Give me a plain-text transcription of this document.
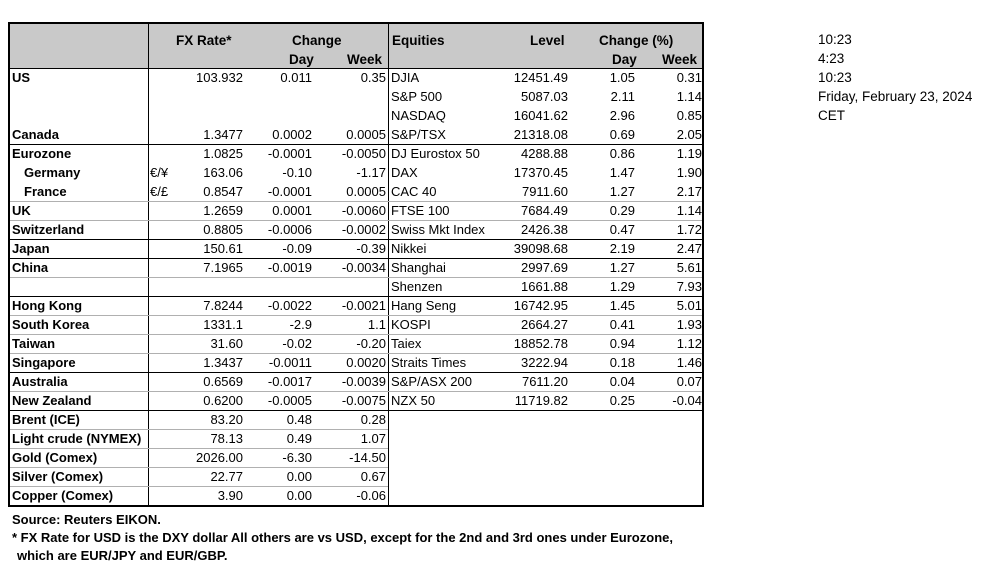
FX Rate*	Change
Day Week
Equities	Level	Change (%)
Day Week
US	103.932	0.011	0.35
Canada	1.3477	0.0002	0.0005
Eurozone	1.0825	-0.0001	-0.0050
Germany	€/¥	163.06	-0.10	-1.17
France	€/£	0.8547	-0.0001	0.0005
UK	1.2659	0.0001	-0.0060
Switzerland	0.8805	-0.0006	-0.0002
Japan	150.61	-0.09	-0.39
China	7.1965	-0.0019	-0.0034
Hong Kong	7.8244	-0.0022	-0.0021
South Korea	1331.1	-2.9	1.1
Taiwan	31.60	-0.02	-0.20
Singapore	1.3437	-0.0011	0.0020
Australia	0.6569	-0.0017	-0.0039
New Zealand	0.6200	-0.0005	-0.0075
Brent (ICE)	83.20	0.48	0.28
Light crude (NYMEX)	78.13	0.49	1.07
Gold (Comex)	2026.00	-6.30	-14.50
Silver (Comex)	22.77	0.00	0.67
Copper (Comex)	3.90	0.00	-0.06
DJIA	12451.49	1.05	0.31
S&P 500	5087.03	2.11	1.14
NASDAQ	16041.62	2.96	0.85
S&P/TSX	21318.08	0.69	2.05
DJ Eurostox 50	4288.88	0.86	1.19
DAX	17370.45	1.47	1.90
CAC 40	7911.60	1.27	2.17
FTSE 100	7684.49	0.29	1.14
Swiss Mkt Index	2426.38	0.47	1.72
Nikkei	39098.68	2.19	2.47
Shanghai	2997.69	1.27	5.61
Shenzen	1661.88	1.29	7.93
Hang Seng	16742.95	1.45	5.01
KOSPI	2664.27	0.41	1.93
Taiex	18852.78	0.94	1.12
Straits Times	3222.94	0.18	1.46
S&P/ASX 200	7611.20	0.04	0.07
NZX 50	11719.82	0.25	-0.04
10:23
4:23
10:23
Friday, February 23, 2024
CET
Source: Reuters EIKON.
* FX Rate for USD is the DXY dollar All others are vs USD, except for the 2nd and 3rd ones under Eurozone,
which are EUR/JPY and EUR/GBP.
